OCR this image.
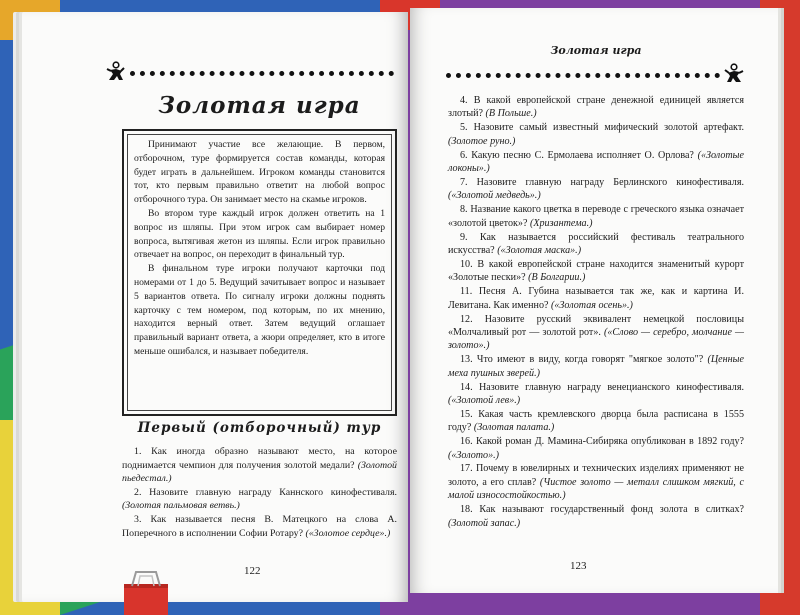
Золотая игра

Принимают участие все желающие. В первом, отборочном, туре формируется состав команды, которая будет играть в дальнейшем. Игроком команды становится тот, кто первым правильно ответит на любой вопрос отборочного тура. Он занимает место на скамье игроков.

Во втором туре каждый игрок должен ответить на 1 вопрос из шляпы. При этом игрок сам выбирает номер вопроса, вытягивая жетон из шляпы. Если игрок правильно отвечает на вопрос, он переходит в финальный тур.

В финальном туре игроки получают карточки под номерами от 1 до 5. Ведущий зачитывает вопрос и называет 5 вариантов ответа. По сигналу игроки должны поднять карточку с тем номером, под которым, по их мнению, находится верный ответ. Затем ведущий оглашает правильный вариант ответа, а жюри определяет, кто в итоге меньше ошибался, и называет победителя.

Первый (отборочный) тур

1. Как иногда образно называют место, на которое поднимается чемпион для получения золотой медали? (Золотой пьедестал.)

2. Назовите главную награду Каннского кинофестиваля. (Золотая пальмовая ветвь.)

3. Как называется песня В. Матецкого на слова А. Поперечного в исполнении Софии Ротару? («Золотое сердце».)

122
Золотая игра

4. В какой европейской стране денежной единицей является злотый? (В Польше.)

5. Назовите самый известный мифический золотой артефакт. (Золотое руно.)

6. Какую песню С. Ермолаева исполняет О. Орлова? («Золотые локоны».)

7. Назовите главную награду Берлинского кинофестиваля. («Золотой медведь».)

8. Название какого цветка в переводе с греческого языка означает «золотой цветок»? (Хризантема.)

9. Как называется российский фестиваль театрального искусства? («Золотая маска».)

10. В какой европейской стране находится знаменитый курорт «Золотые пески»? (В Болгарии.)

11. Песня А. Губина называется так же, как и картина И. Левитана. Как именно? («Золотая осень».)

12. Назовите русский эквивалент немецкой пословицы «Молчаливый рот — золотой рот». («Слово — серебро, молчание — золото».)

13. Что имеют в виду, когда говорят "мягкое золото"? (Ценные меха пушных зверей.)

14. Назовите главную награду венецианского кинофестиваля. («Золотой лев».)

15. Какая часть кремлевского дворца была расписана в 1555 году? (Золотая палата.)

16. Какой роман Д. Мамина-Сибиряка опубликован в 1892 году? («Золото».)

17. Почему в ювелирных и технических изделиях применяют не золото, а его сплав? (Чистое золото — металл слишком мягкий, с малой износостойкостью.)

18. Как называют государственный фонд золота в слитках? (Золотой запас.)

123
